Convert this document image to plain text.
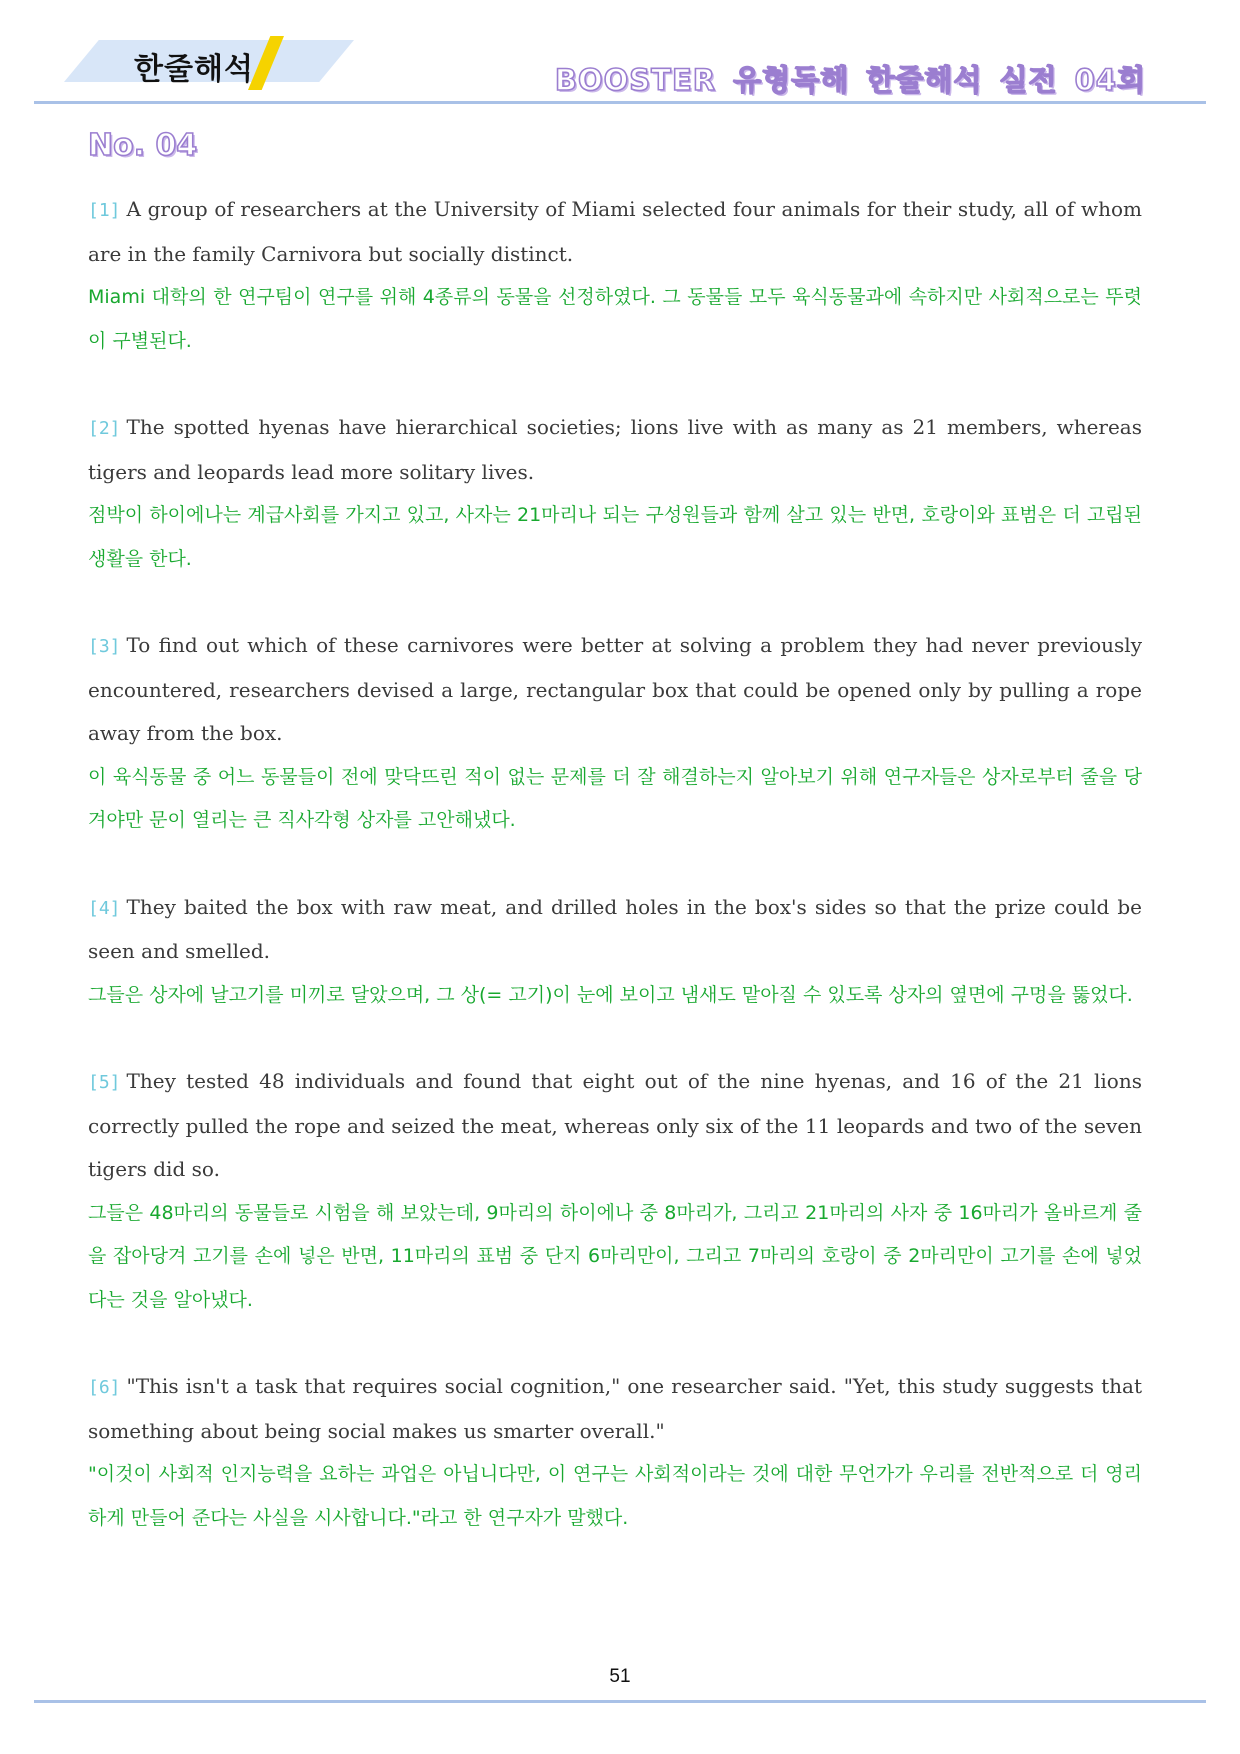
한줄해석	BOOSTER 유형독해 한줄해석 실전 04회
No. 04

[1] A group of researchers at the University of Miami selected four animals for their study, all of whom are in the family Carnivora but socially distinct.

Miami 대학의 한 연구팀이 연구를 위해 4종류의 동물을 선정하였다. 그 동물들 모두 육식동물과에 속하지만 사회적으로는 뚜렷이 구별된다.

[2] The spotted hyenas have hierarchical societies; lions live with as many as 21 members, whereas tigers and leopards lead more solitary lives.

점박이 하이에나는 계급사회를 가지고 있고, 사자는 21마리나 되는 구성원들과 함께 살고 있는 반면, 호랑이와 표범은 더 고립된 생활을 한다.

[3] To find out which of these carnivores were better at solving a problem they had never previously encountered, researchers devised a large, rectangular box that could be opened only by pulling a rope away from the box.

이 육식동물 중 어느 동물들이 전에 맞닥뜨린 적이 없는 문제를 더 잘 해결하는지 알아보기 위해 연구자들은 상자로부터 줄을 당겨야만 문이 열리는 큰 직사각형 상자를 고안해냈다.

[4] They baited the box with raw meat, and drilled holes in the box's sides so that the prize could be seen and smelled.

그들은 상자에 날고기를 미끼로 달았으며, 그 상(= 고기)이 눈에 보이고 냄새도 맡아질 수 있도록 상자의 옆면에 구멍을 뚫었다.

[5] They tested 48 individuals and found that eight out of the nine hyenas, and 16 of the 21 lions correctly pulled the rope and seized the meat, whereas only six of the 11 leopards and two of the seven tigers did so.

그들은 48마리의 동물들로 시험을 해 보았는데, 9마리의 하이에나 중 8마리가, 그리고 21마리의 사자 중 16마리가 올바르게 줄을 잡아당겨 고기를 손에 넣은 반면, 11마리의 표범 중 단지 6마리만이, 그리고 7마리의 호랑이 중 2마리만이 고기를 손에 넣었다는 것을 알아냈다.

[6] "This isn't a task that requires social cognition," one researcher said. "Yet, this study suggests that something about being social makes us smarter overall."

"이것이 사회적 인지능력을 요하는 과업은 아닙니다만, 이 연구는 사회적이라는 것에 대한 무언가가 우리를 전반적으로 더 영리하게 만들어 준다는 사실을 시사합니다."라고 한 연구자가 말했다.

51
